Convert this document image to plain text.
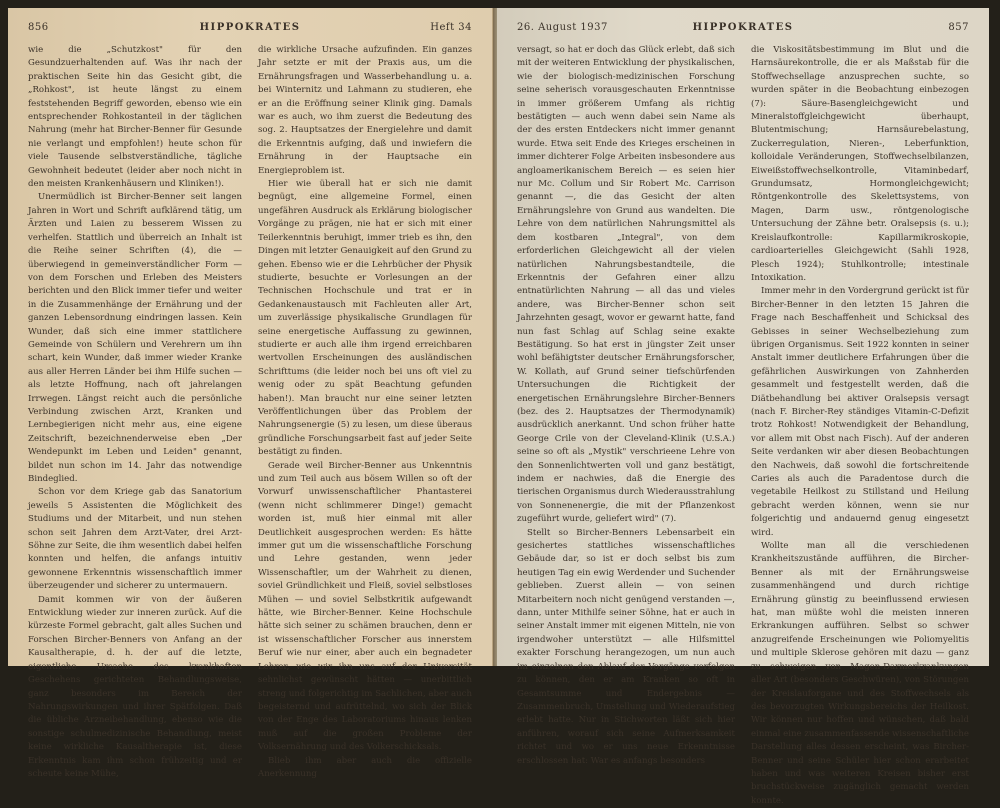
856	HIPPOKRATES	Heft 34

wie die „Schutzkost" für den Gesundzuerhaltenden auf. Was ihr nach der praktischen Seite hin das Gesicht gibt, die „Rohkost", ist heute längst zu einem feststehenden Begriff geworden, ebenso wie ein entsprechender Rohkostanteil in der täglichen Nahrung (mehr hat Bircher-Benner für Gesunde nie verlangt und empfohlen!) heute schon für viele Tausende selbstverständliche, tägliche Gewohnheit bedeutet (leider aber noch nicht in den meisten Krankenhäusern und Kliniken!).

Unermüdlich ist Bircher-Benner seit langen Jahren in Wort und Schrift aufklärend tätig, um Ärzten und Laien zu besserem Wissen zu verhelfen. Stattlich und überreich an Inhalt ist die Reihe seiner Schriften (4), die — überwiegend in gemeinverständlicher Form — von dem Forschen und Erleben des Meisters berichten und den Blick immer tiefer und weiter in die Zusammenhänge der Ernährung und der ganzen Lebensordnung eindringen lassen. Kein Wunder, daß sich eine immer stattlichere Gemeinde von Schülern und Verehrern um ihn schart, kein Wunder, daß immer wieder Kranke aus aller Herren Länder bei ihm Hilfe suchen — als letzte Hoffnung, nach oft jahrelangen Irrwegen. Längst reicht auch die persönliche Verbindung zwischen Arzt, Kranken und Lernbegierigen nicht mehr aus, eine eigene Zeitschrift, bezeichnenderweise eben „Der Wendepunkt im Leben und Leiden" genannt, bildet nun schon im 14. Jahr das notwendige Bindeglied.

Schon vor dem Kriege gab das Sanatorium jeweils 5 Assistenten die Möglichkeit des Studiums und der Mitarbeit, und nun stehen schon seit Jahren dem Arzt-Vater, drei Arzt-Söhne zur Seite, die ihm wesentlich dabei helfen konnten und helfen, die anfangs intuitiv gewonnene Erkenntnis wissenschaftlich immer überzeugender und sicherer zu untermauern.

Damit kommen wir von der äußeren Entwicklung wieder zur inneren zurück. Auf die kürzeste Formel gebracht, galt alles Suchen und Forschen Bircher-Benners von Anfang an der Kausaltherapie, d. h. der auf die letzte, eigentliche Ursache des krankhaften Geschehens gerichteten Behandlungsweise, ganz besonders im Bereich der Nahrungswirkungen und ihrer Spätfolgen. Daß die übliche Arzneibehandlung, ebenso wie die sonstige schulmedizinische Behandlung, meist keine wirkliche Kausaltherapie ist, diese Erkenntnis kam ihm schon frühzeitig und er scheute keine Mühe,

die wirkliche Ursache aufzufinden. Ein ganzes Jahr setzte er mit der Praxis aus, um die Ernährungsfragen und Wasserbehandlung u. a. bei Winternitz und Lahmann zu studieren, ehe er an die Eröffnung seiner Klinik ging. Damals war es auch, wo ihm zuerst die Bedeutung des sog. 2. Hauptsatzes der Energielehre und damit die Erkenntnis aufging, daß und inwiefern die Ernährung in der Hauptsache ein Energieproblem ist.

Hier wie überall hat er sich nie damit begnügt, eine allgemeine Formel, einen ungefähren Ausdruck als Erklärung biologischer Vorgänge zu prägen, nie hat er sich mit einer Teilerkenntnis beruhigt, immer trieb es ihn, den Dingen mit letzter Genauigkeit auf den Grund zu gehen. Ebenso wie er die Lehrbücher der Physik studierte, besuchte er Vorlesungen an der Technischen Hochschule und trat er in Gedankenaustausch mit Fachleuten aller Art, um zuverlässige physikalische Grundlagen für seine energetische Auffassung zu gewinnen, studierte er auch alle ihm irgend erreichbaren wertvollen Erscheinungen des ausländischen Schrifttums (die leider noch bei uns oft viel zu wenig oder zu spät Beachtung gefunden haben!). Man braucht nur eine seiner letzten Veröffentlichungen über das Problem der Nahrungsenergie (5) zu lesen, um diese überaus gründliche Forschungsarbeit fast auf jeder Seite bestätigt zu finden.

Gerade weil Bircher-Benner aus Unkenntnis und zum Teil auch aus bösem Willen so oft der Vorwurf unwissenschaftlicher Phantasterei (wenn nicht schlimmerer Dinge!) gemacht worden ist, muß hier einmal mit aller Deutlichkeit ausgesprochen werden: Es hätte immer gut um die wissenschaftliche Forschung und Lehre gestanden, wenn jeder Wissenschaftler, um der Wahrheit zu dienen, soviel Gründlichkeit und Fleiß, soviel selbstloses Mühen — und soviel Selbstkritik aufgewandt hätte, wie Bircher-Benner. Keine Hochschule hätte sich seiner zu schämen brauchen, denn er ist wissenschaftlicher Forscher aus innerstem Beruf wie nur einer, aber auch ein begnadeter Lehrer, wie wir ihn uns auf der Universität sehnlichst gewünscht hätten — unerbittlich streng und folgerichtig im Sachlichen, aber auch begeisternd und aufrüttelnd, wo sich der Blick von der Enge des Laboratoriums hinaus lenken muß auf die großen Probleme der Volksernährung und des Volkerschicksals.

Blieb ihm aber auch die offizielle Anerkennung

26. August 1937	HIPPOKRATES	857

versagt, so hat er doch das Glück erlebt, daß sich mit der weiteren Entwicklung der physikalischen, wie der biologisch-medizinischen Forschung seine seherisch vorausgeschauten Erkenntnisse in immer größerem Umfang als richtig bestätigten — auch wenn dabei sein Name als der des ersten Entdeckers nicht immer genannt wurde. Etwa seit Ende des Krieges erscheinen in immer dichterer Folge Arbeiten insbesondere aus angloamerikanischem Bereich — es seien hier nur Mc. Collum und Sir Robert Mc. Carrison genannt —, die das Gesicht der alten Ernährungslehre von Grund aus wandelten. Die Lehre von dem natürlichen Nahrungsmittel als dem kostbaren „Integral", von dem erforderlichen Gleichgewicht all der vielen natürlichen Nahrungsbestandteile, die Erkenntnis der Gefahren einer allzu entnatürlichten Nahrung — all das und vieles andere, was Bircher-Benner schon seit Jahrzehnten gesagt, wovor er gewarnt hatte, fand nun fast Schlag auf Schlag seine exakte Bestätigung. So hat erst in jüngster Zeit unser wohl befähigtster deutscher Ernährungsforscher, W. Kollath, auf Grund seiner tiefschürfenden Untersuchungen die Richtigkeit der energetischen Ernährungslehre Bircher-Benners (bez. des 2. Hauptsatzes der Thermodynamik) ausdrücklich anerkannt. Und schon früher hatte George Crile von der Cleveland-Klinik (U.S.A.) seine so oft als „Mystik" verschrieene Lehre von den Sonnenlichtwerten voll und ganz bestätigt, indem er nachwies, daß die Energie des tierischen Organismus durch Wiederausstrahlung von Sonnenenergie, die mit der Pflanzenkost zugeführt wurde, geliefert wird" (7).

Stellt so Bircher-Benners Lebensarbeit ein gesichertes stattliches wissenschaftliches Gebäude dar, so ist er doch selbst bis zum heutigen Tag ein ewig Werdender und Suchender geblieben. Zuerst allein — von seinen Mitarbeitern noch nicht genügend verstanden —, dann, unter Mithilfe seiner Söhne, hat er auch in seiner Anstalt immer mit eigenen Mitteln, nie von irgendwoher unterstützt — alle Hilfsmittel exakter Forschung herangezogen, um nun auch im einzelnen den Ablauf der Vorgänge verfolgen zu können, den er am Kranken so oft in Gesamtsumme und Endergebnis — Zusammenbruch, Umstellung und Wiederaufstieg erlebt hatte. Nur in Stichworten läßt sich hier anführen, worauf sich seine Aufmerksamkeit richtet und wo er uns neue Erkenntnisse erschlossen hat: War es anfangs besonders

die Viskositätsbestimmung im Blut und die Harnsäurekontrolle, die er als Maßstab für die Stoffwechsellage anzusprechen suchte, so wurden später in die Beobachtung einbezogen (7): Säure-Basengleichgewicht und Mineralstoffgleichgewicht überhaupt, Blutentmischung; Harnsäurebelastung, Zuckerregulation, Nieren-, Leberfunktion, kolloidale Veränderungen, Stoffwechselbilanzen, Eiweißstoffwechselkontrolle, Vitaminbedarf, Grundumsatz, Hormongleichgewicht; Röntgenkontrolle des Skelettsystems, von Magen, Darm usw., röntgenologische Untersuchung der Zähne betr. Oralsepsis (s. u.); Kreislaufkontrolle: Kapillarmikroskopie, cardioarterielles Gleichgewicht (Sahli 1928, Plesch 1924); Stuhlkontrolle; intestinale Intoxikation.

Immer mehr in den Vordergrund gerückt ist für Bircher-Benner in den letzten 15 Jahren die Frage nach Beschaffenheit und Schicksal des Gebisses in seiner Wechselbeziehung zum übrigen Organismus. Seit 1922 konnten in seiner Anstalt immer deutlichere Erfahrungen über die gefährlichen Auswirkungen von Zahnherden gesammelt und festgestellt werden, daß die Diätbehandlung bei aktiver Oralsepsis versagt (nach F. Bircher-Rey ständiges Vitamin-C-Defizit trotz Rohkost! Notwendigkeit der Behandlung, vor allem mit Obst nach Fisch). Auf der anderen Seite verdanken wir aber diesen Beobachtungen den Nachweis, daß sowohl die fortschreitende Caries als auch die Paradentose durch die vegetabile Heilkost zu Stillstand und Heilung gebracht werden können, wenn sie nur folgerichtig und andauernd genug eingesetzt wird.

Wollte man all die verschiedenen Krankheitszustände aufführen, die Bircher-Benner als mit der Ernährungsweise zusammenhängend und durch richtige Ernährung günstig zu beeinflussend erwiesen hat, man müßte wohl die meisten inneren Erkrankungen aufführen. Selbst so schwer anzugreifende Erscheinungen wie Poliomyelitis und multiple Sklerose gehören mit dazu — ganz zu schweigen von Magen-Darmerkrankungen aller Art (besonders Geschwüren), von Störungen der Kreislauforgane und des Stoffwechsels als des bevorzugten Wirkungsbereichs der Heilkost. Wir können nur hoffen und wünschen, daß bald einmal eine zusammenfassende wissenschaftliche Darstellung alles dessen erscheint, was Bircher-Benner und seine Schüler hier schon erarbeitet haben und was weiteren Kreisen bisher erst bruchstückweise zugänglich gemacht werden konnte.
